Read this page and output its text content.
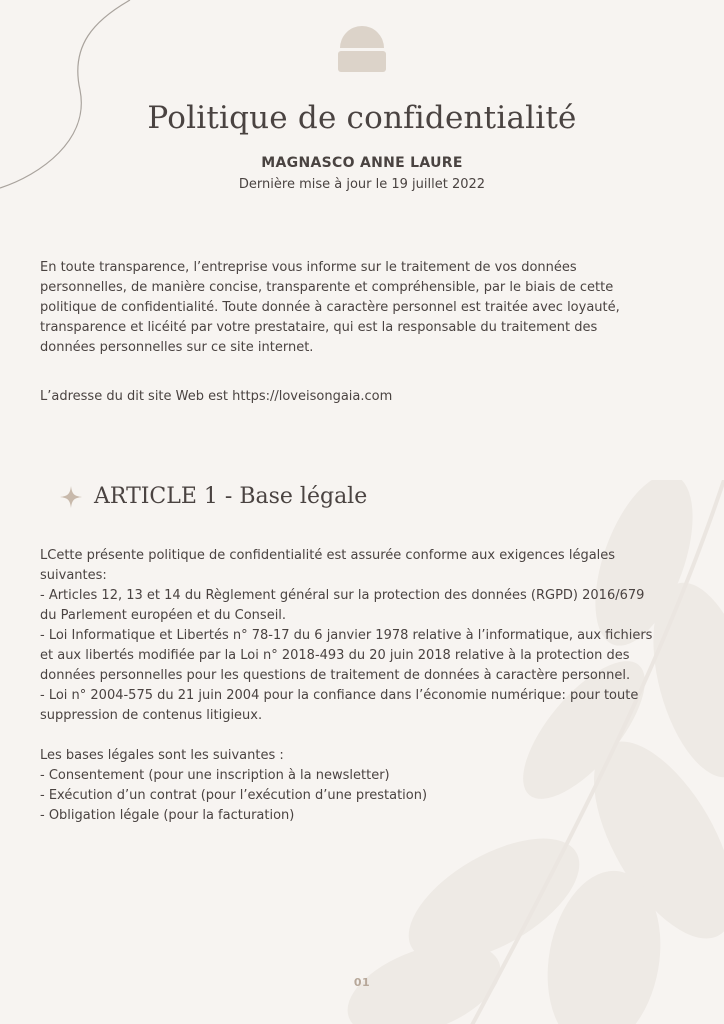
Politique de confidentialité
MAGNASCO ANNE LAURE
Dernière mise à jour le 19 juillet 2022
En toute transparence, l’entreprise vous informe sur le traitement de vos données
personnelles, de manière concise, transparente et compréhensible, par le biais de cette
politique de confidentialité. Toute donnée à caractère personnel est traitée avec loyauté,
transparence et licéité par votre prestataire, qui est la responsable du traitement des
données personnelles sur ce site internet.
L’adresse du dit site Web est https://loveisongaia.com
ARTICLE 1 - Base légale
LCette présente politique de confidentialité est assurée conforme aux exigences légales
suivantes:
- Articles 12, 13 et 14 du Règlement général sur la protection des données (RGPD) 2016/679
du Parlement européen et du Conseil.
- Loi Informatique et Libertés n° 78-17 du 6 janvier 1978 relative à l’informatique, aux fichiers
et aux libertés modifiée par la Loi n° 2018-493 du 20 juin 2018 relative à la protection des
données personnelles pour les questions de traitement de données à caractère personnel.
- Loi n° 2004-575 du 21 juin 2004 pour la confiance dans l’économie numérique: pour toute
suppression de contenus litigieux.
Les bases légales sont les suivantes :
- Consentement (pour une inscription à la newsletter)
- Exécution d’un contrat (pour l’exécution d’une prestation)
- Obligation légale (pour la facturation)
01
